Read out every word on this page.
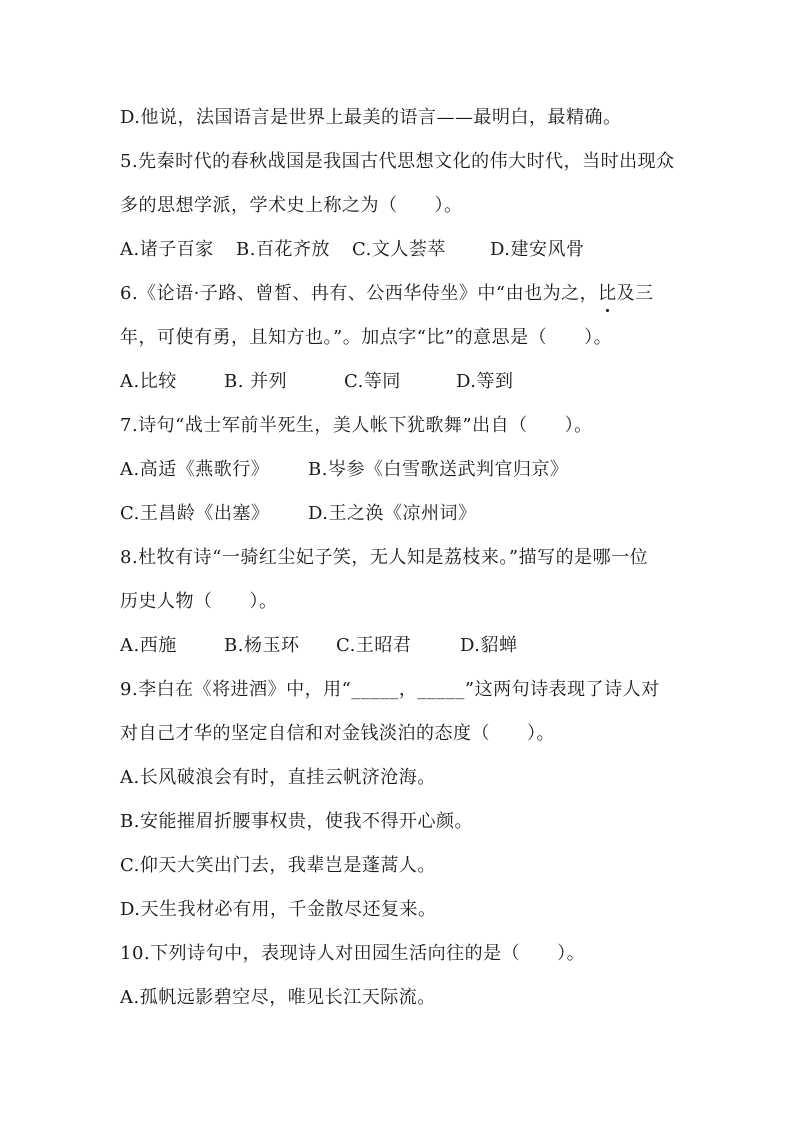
D.他说，法国语言是世界上最美的语言——最明白，最精确。
5.先秦时代的春秋战国是我国古代思想文化的伟大时代，当时出现众
多的思想学派，学术史上称之为（　　）。
A.诸子百家	B.百花齐放	C.文人荟萃	D.建安风骨
6.《论语·子路、曾皙、冉有、公西华侍坐》中“由也为之，比及三
年，可使有勇，且知方也。”。加点字“比”的意思是（　　）。
A.比较	B. 并列	C.等同	D.等到
7.诗句“战士军前半死生，美人帐下犹歌舞”出自（　　）。
A.高适《燕歌行》	B.岑参《白雪歌送武判官归京》
C.王昌龄《出塞》	D.王之涣《凉州词》
8.杜牧有诗“一骑红尘妃子笑，无人知是荔枝来。”描写的是哪一位
历史人物（　　）。
A.西施	B.杨玉环	C.王昭君	D.貂蝉
9.李白在《将进酒》中，用“_____，_____”这两句诗表现了诗人对
对自己才华的坚定自信和对金钱淡泊的态度（　　）。
A.长风破浪会有时，直挂云帆济沧海。
B.安能摧眉折腰事权贵，使我不得开心颜。
C.仰天大笑出门去，我辈岂是蓬蒿人。
D.天生我材必有用，千金散尽还复来。
10.下列诗句中，表现诗人对田园生活向往的是（　　）。
A.孤帆远影碧空尽，唯见长江天际流。
